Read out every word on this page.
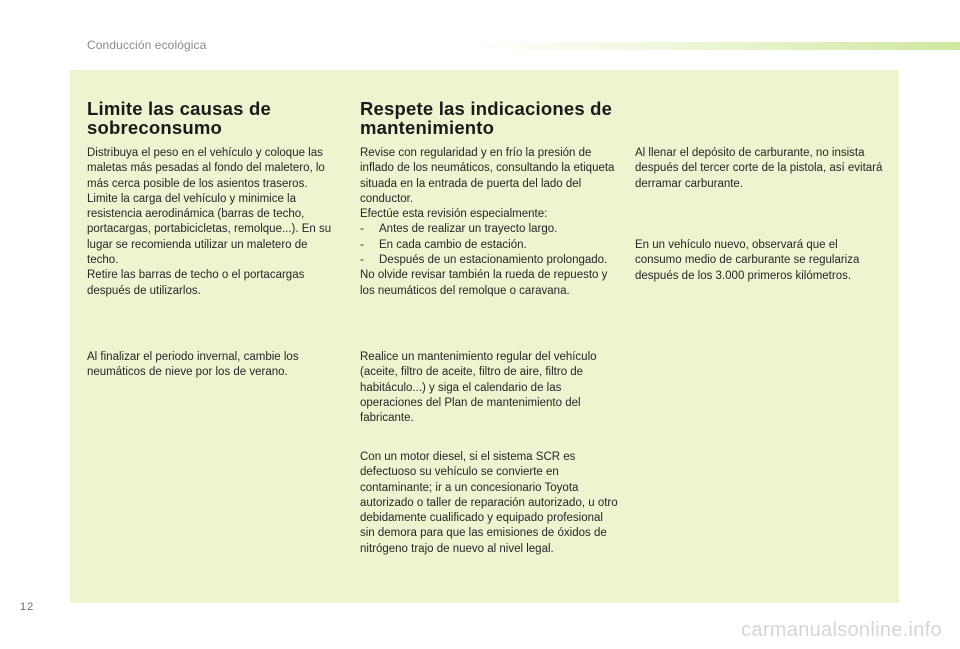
Conducción ecológica
Limite las causas de
sobreconsumo

Distribuya el peso en el vehículo y coloque las maletas más pesadas al fondo del maletero, lo más cerca posible de los asientos traseros.

Limite la carga del vehículo y minimice la resistencia aerodinámica (barras de techo, portacargas, portabicicletas, remolque...). En su lugar se recomienda utilizar un maletero de techo.

Retire las barras de techo o el portacargas después de utilizarlos.

Al finalizar el periodo invernal, cambie los neumáticos de nieve por los de verano.

Respete las indicaciones de
mantenimiento

Revise con regularidad y en frío la presión de inflado de los neumáticos, consultando la etiqueta situada en la entrada de puerta del lado del conductor.

Efectúe esta revisión especialmente:

-	Antes de realizar un trayecto largo.
-	En cada cambio de estación.
-	Después de un estacionamiento prolongado.

No olvide revisar también la rueda de repuesto y los neumáticos del remolque o caravana.

Realice un mantenimiento regular del vehículo (aceite, filtro de aceite, filtro de aire, filtro de habitáculo...) y siga el calendario de las operaciones del Plan de mantenimiento del fabricante.

Con un motor diesel, si el sistema SCR es defectuoso su vehículo se convierte en contaminante; ir a un concesionario Toyota autorizado o taller de reparación autorizado, u otro debidamente cualificado y equipado profesional sin demora para que las emisiones de óxidos de nitrógeno trajo de nuevo al nivel legal.

Al llenar el depósito de carburante, no insista después del tercer corte de la pistola, así evitará derramar carburante.

En un vehículo nuevo, observará que el consumo medio de carburante se regulariza después de los 3.000 primeros kilómetros.

12
carmanualsonline.info
